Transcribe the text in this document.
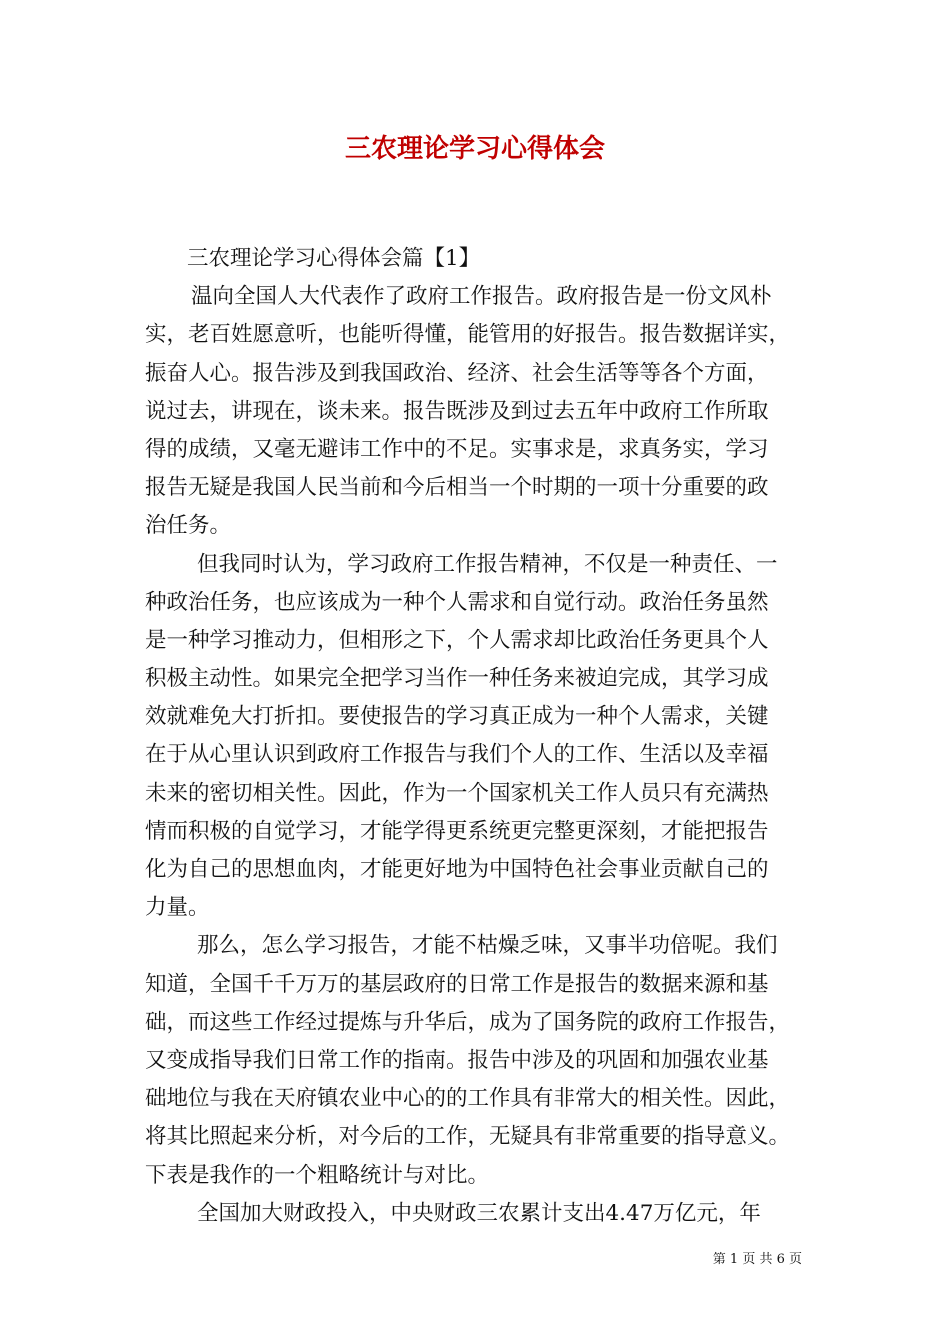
三农理论学习心得体会
三农理论学习心得体会篇【1】
温向全国人大代表作了政府工作报告。政府报告是一份文风朴
实，老百姓愿意听，也能听得懂，能管用的好报告。报告数据详实，
振奋人心。报告涉及到我国政治、经济、社会生活等等各个方面，
说过去，讲现在，谈未来。报告既涉及到过去五年中政府工作所取
得的成绩，又毫无避讳工作中的不足。实事求是，求真务实，学习
报告无疑是我国人民当前和今后相当一个时期的一项十分重要的政
治任务。
但我同时认为，学习政府工作报告精神，不仅是一种责任、一
种政治任务，也应该成为一种个人需求和自觉行动。政治任务虽然
是一种学习推动力，但相形之下，个人需求却比政治任务更具个人
积极主动性。如果完全把学习当作一种任务来被迫完成，其学习成
效就难免大打折扣。要使报告的学习真正成为一种个人需求，关键
在于从心里认识到政府工作报告与我们个人的工作、生活以及幸福
未来的密切相关性。因此，作为一个国家机关工作人员只有充满热
情而积极的自觉学习，才能学得更系统更完整更深刻，才能把报告
化为自己的思想血肉，才能更好地为中国特色社会事业贡献自己的
力量。
那么，怎么学习报告，才能不枯燥乏味，又事半功倍呢。我们
知道，全国千千万万的基层政府的日常工作是报告的数据来源和基
础，而这些工作经过提炼与升华后，成为了国务院的政府工作报告，
又变成指导我们日常工作的指南。报告中涉及的巩固和加强农业基
础地位与我在天府镇农业中心的的工作具有非常大的相关性。因此，
将其比照起来分析，对今后的工作，无疑具有非常重要的指导意义。
下表是我作的一个粗略统计与对比。
全国加大财政投入，中央财政三农累计支出4.47万亿元，年
第 1 页 共 6 页
